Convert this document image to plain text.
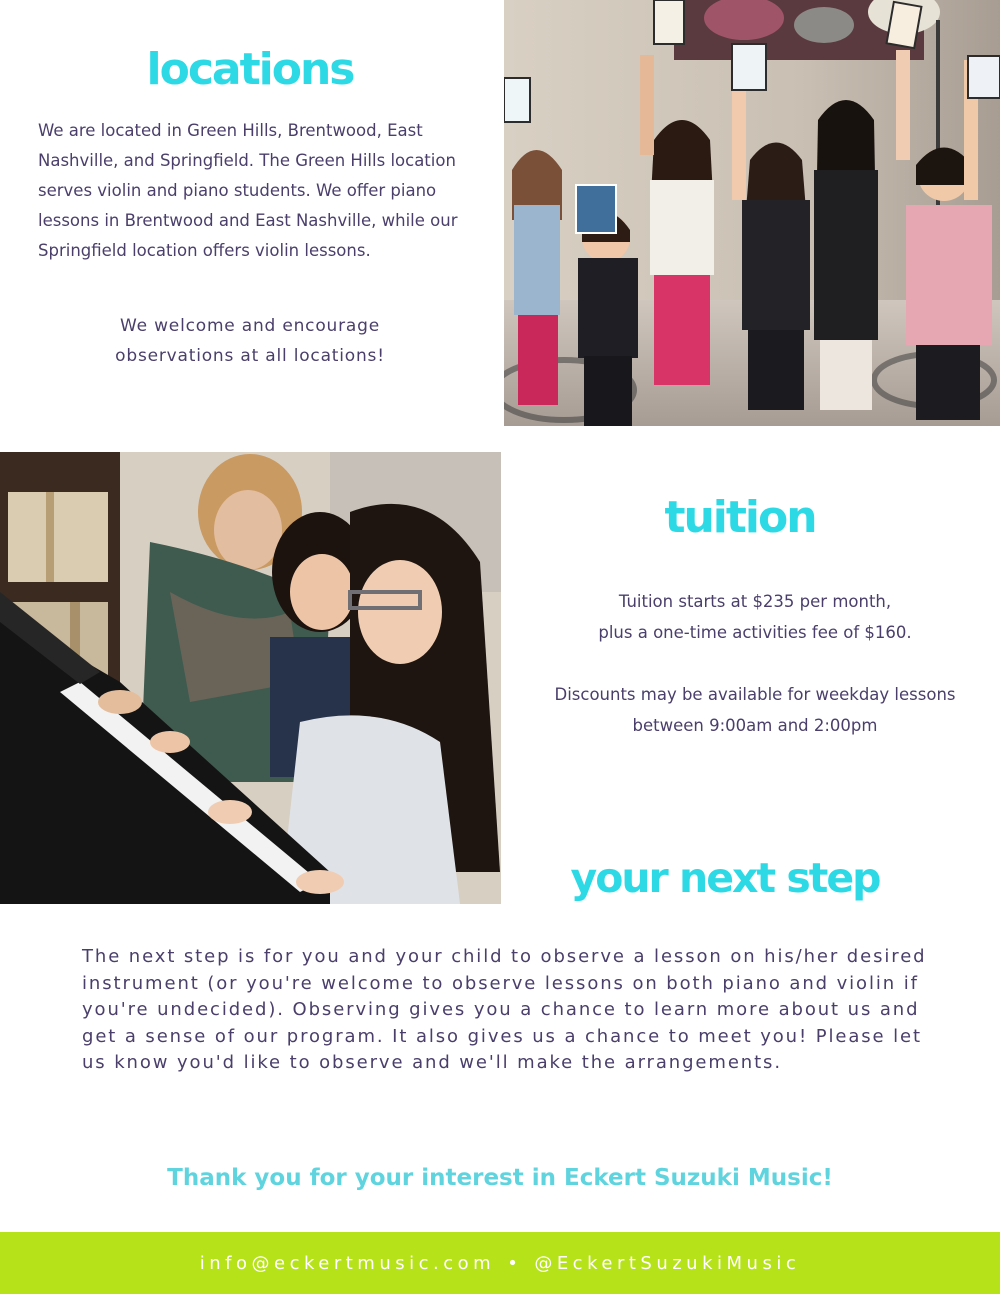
locations

We are located in Green Hills, Brentwood, East Nashville, and Springfield. The Green Hills location serves violin and piano students. We offer piano lessons in Brentwood and East Nashville, while our Springfield location offers violin lessons.

We welcome and encourage observations at all locations!

tuition

Tuition starts at $235 per month,

plus a one-time activities fee of $160.

Discounts may be available for weekday lessons

between 9:00am and 2:00pm

your next step

The next step is for you and your child to observe a lesson on his/her desired instrument (or you're welcome to observe lessons on both piano and violin if you're undecided). Observing gives you a chance to learn more about us and get a sense of our program. It also gives us a chance to meet you! Please let us know you'd like to observe and we'll make the arrangements.

Thank you for your interest in Eckert Suzuki Music!

info@eckertmusic.com • @EckertSuzukiMusic
